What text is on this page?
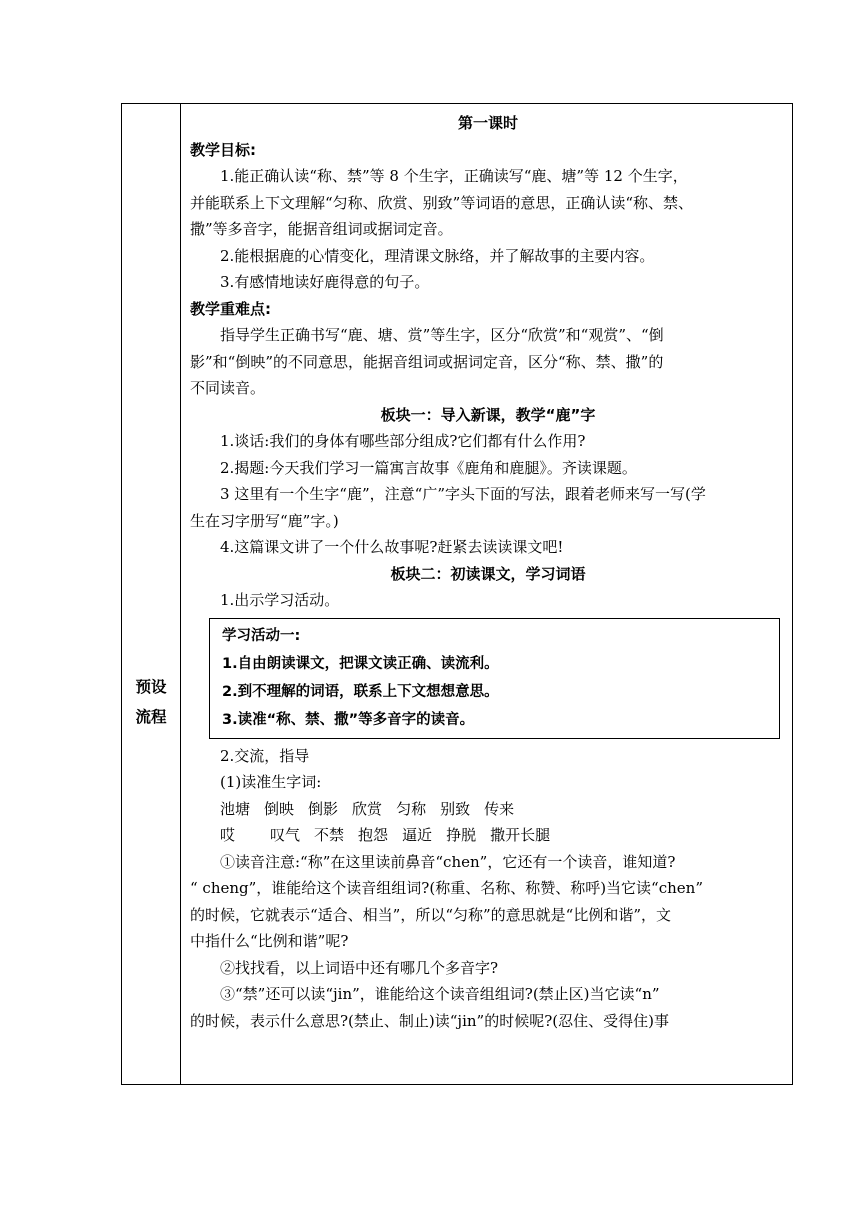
预设
流程

第一课时

教学目标:

1.能正确认读“称、禁”等 8 个生字，正确读写“鹿、塘”等 12 个生字，

并能联系上下文理解“匀称、欣赏、别致”等词语的意思，正确认读“称、禁、

撒”等多音字，能据音组词或据词定音。

2.能根据鹿的心情变化，理清课文脉络，并了解故事的主要内容。

3.有感情地读好鹿得意的句子。

教学重难点:

指导学生正确书写“鹿、塘、赏”等生字，区分“欣赏”和“观赏”、“倒

影”和“倒映”的不同意思，能据音组词或据词定音，区分“称、禁、撒”的

不同读音。

板块一：导入新课，教学“鹿”字

1.谈话:我们的身体有哪些部分组成?它们都有什么作用?

2.揭题:今天我们学习一篇寓言故事《鹿角和鹿腿》。齐读课题。

3 这里有一个生字“鹿”，注意“广”字头下面的写法，跟着老师来写一写(学

生在习字册写“鹿”字。)

4.这篇课文讲了一个什么故事呢?赶紧去读读课文吧!

板块二：初读课文，学习词语

1.出示学习活动。

学习活动一:
1.自由朗读课文，把课文读正确、读流利。
2.到不理解的词语，联系上下文想想意思。
3.读准“称、禁、撒”等多音字的读音。

2.交流，指导

(1)读准生字词:

池塘 倒映 倒影 欣赏 匀称 别致 传来

哎 叹气 不禁 抱怨 逼近 挣脱 撒开长腿

①读音注意:“称”在这里读前鼻音“chen”，它还有一个读音，谁知道?

“ cheng”，谁能给这个读音组组词?(称重、名称、称赞、称呼)当它读“chen”

的时候，它就表示“适合、相当”，所以“匀称”的意思就是“比例和谐”，文

中指什么“比例和谐”呢?

②找找看，以上词语中还有哪几个多音字?

③“禁”还可以读“jin”，谁能给这个读音组组词?(禁止区)当它读“n”

的时候，表示什么意思?(禁止、制止)读“jin”的时候呢?(忍住、受得住)事
